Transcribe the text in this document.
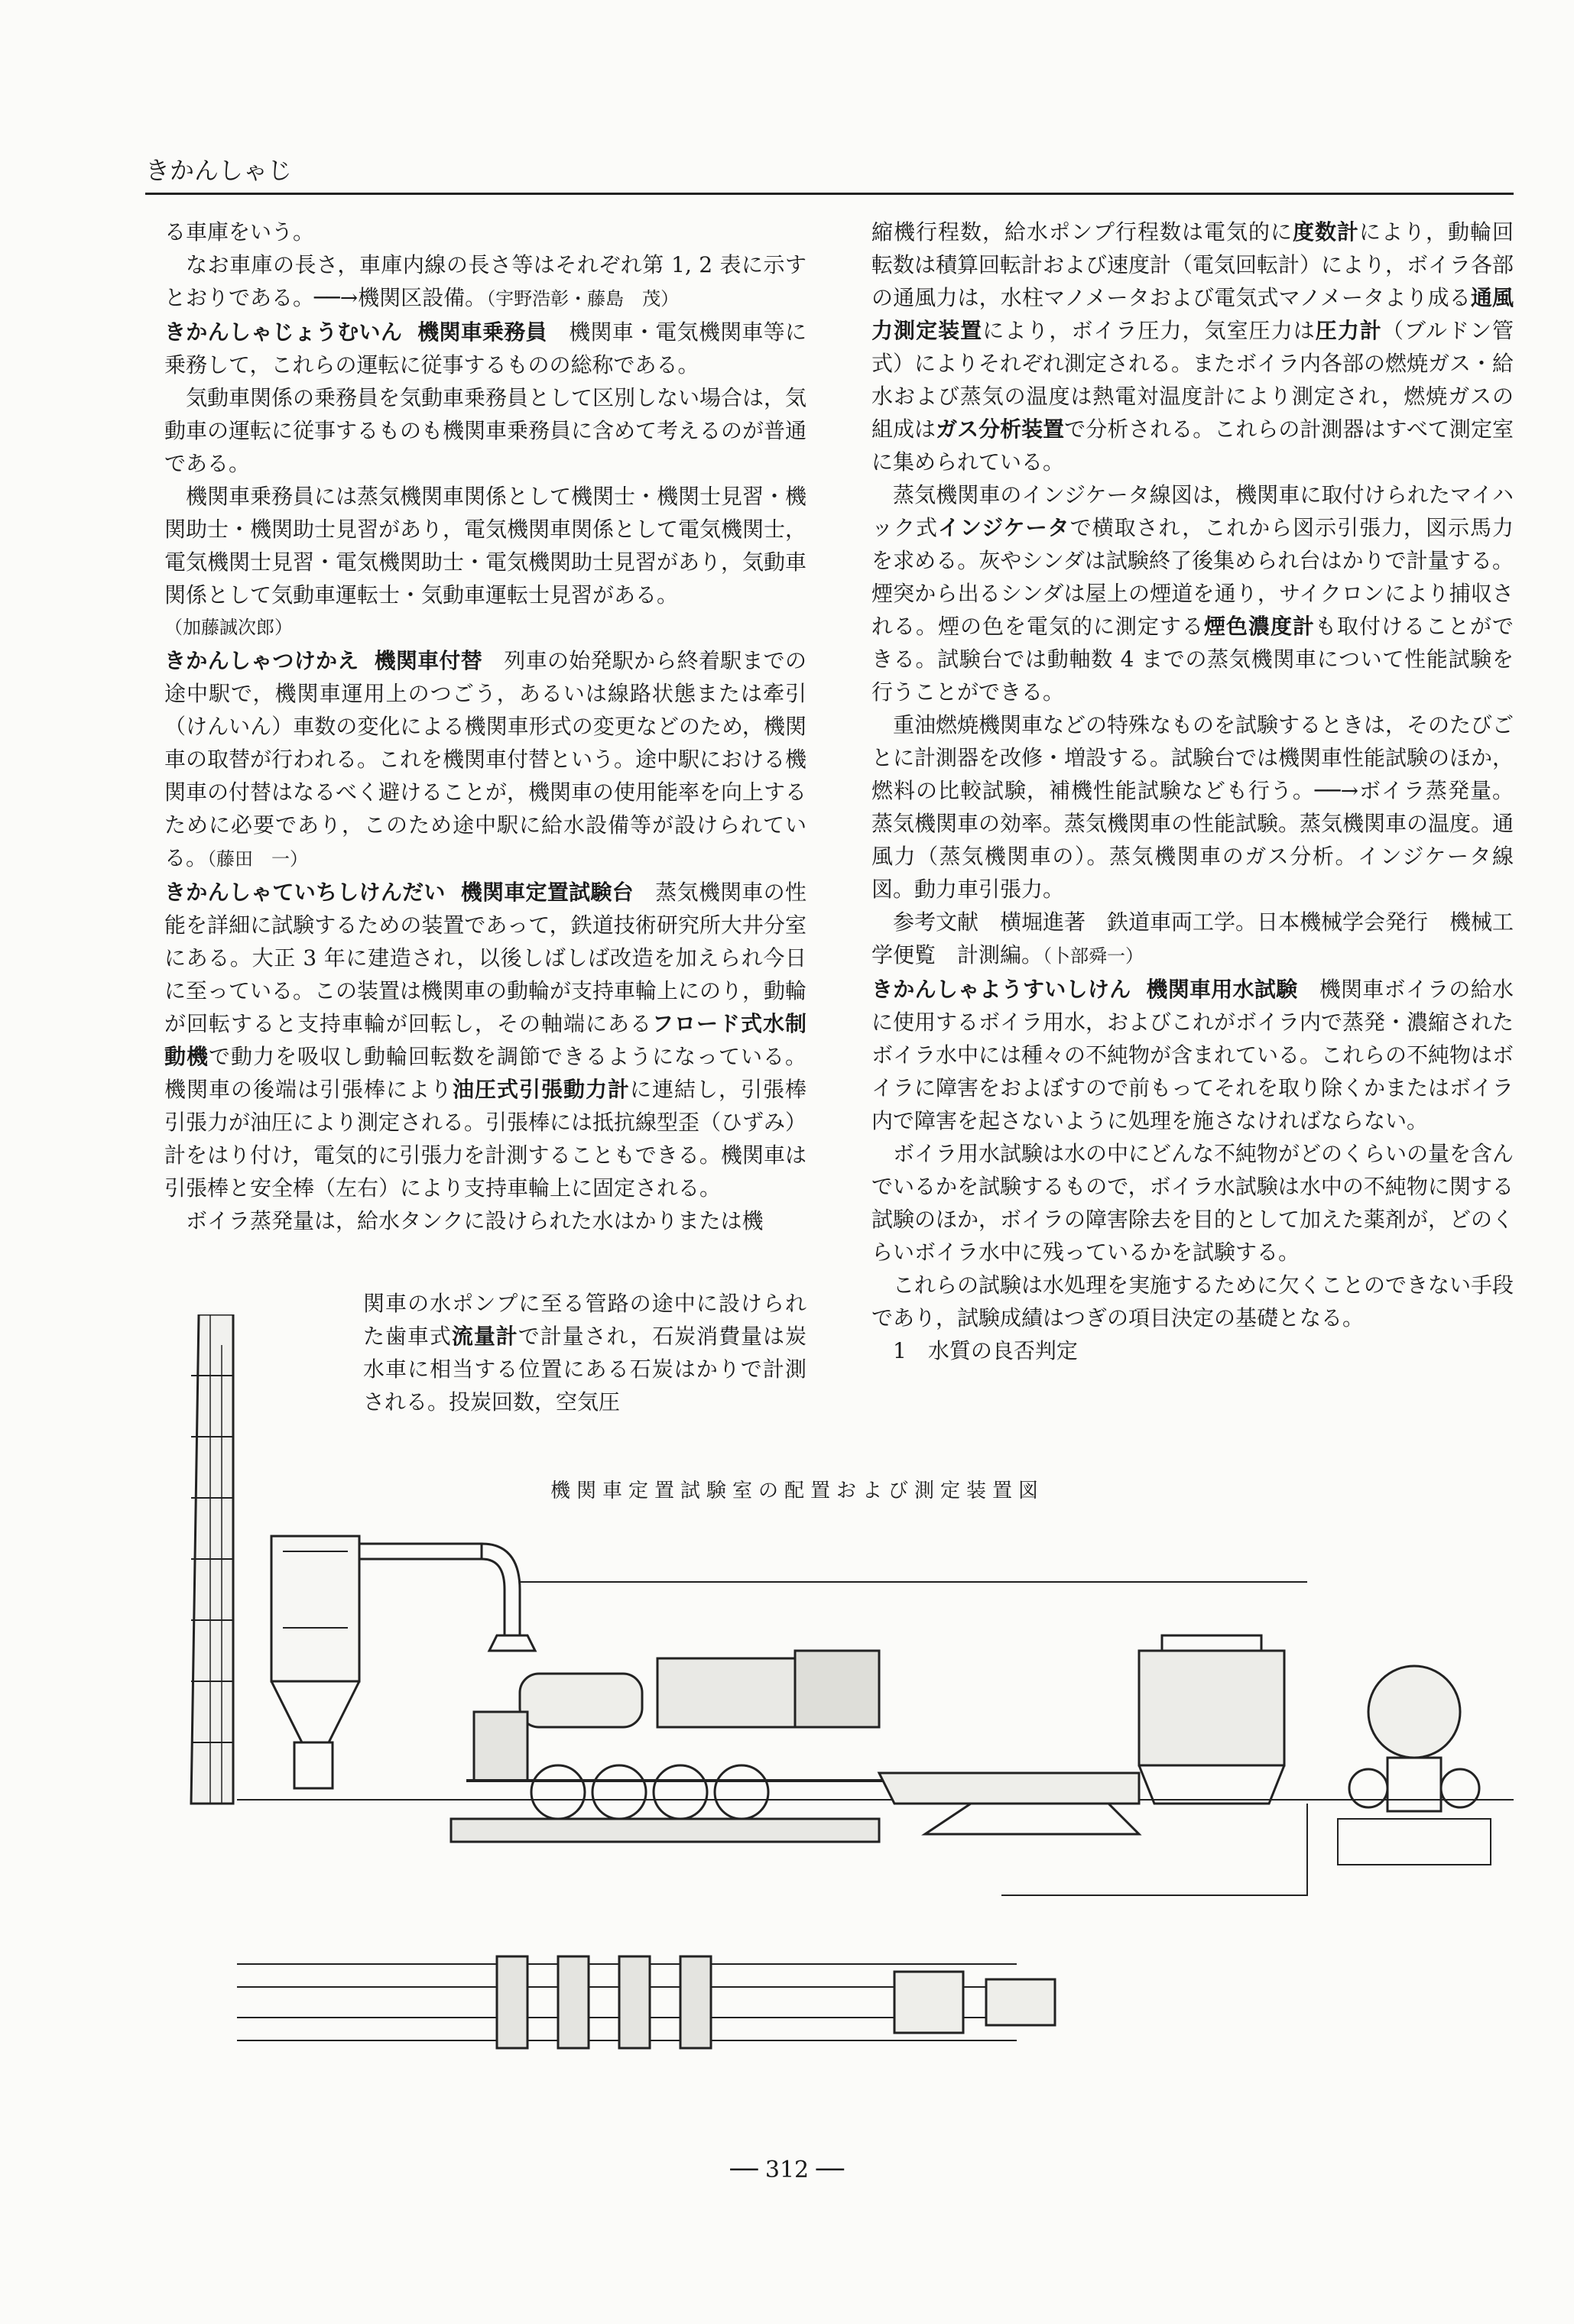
きかんしゃじ

る車庫をいう。

なお車庫の長さ，車庫内線の長さ等はそれぞれ第 1, 2 表に示すとおりである。──→機関区設備。（宇野浩彰・藤島　茂）

きかんしゃじょうむいん 機関車乗務員　 機関車・電気機関車等に乗務して，これらの運転に従事するものの総称である。

気動車関係の乗務員を気動車乗務員として区別しない場合は，気動車の運転に従事するものも機関車乗務員に含めて考えるのが普通である。

機関車乗務員には蒸気機関車関係として機関士・機関士見習・機関助士・機関助士見習があり，電気機関車関係として電気機関士，電気機関士見習・電気機関助士・電気機関助士見習があり，気動車関係として気動車運転士・気動車運転士見習がある。

（加藤誠次郎）

きかんしゃつけかえ 機関車付替　 列車の始発駅から終着駅までの途中駅で，機関車運用上のつごう，あるいは線路状態または牽引（けんいん）車数の変化による機関車形式の変更などのため，機関車の取替が行われる。これを機関車付替という。途中駅における機関車の付替はなるべく避けることが，機関車の使用能率を向上するために必要であり，このため途中駅に給水設備等が設けられている。（藤田　一）

きかんしゃていちしけんだい 機関車定置試験台　 蒸気機関車の性能を詳細に試験するための装置であって，鉄道技術研究所大井分室にある。大正 3 年に建造され，以後しばしば改造を加えられ今日に至っている。この装置は機関車の動輪が支持車輪上にのり，動輪が回転すると支持車輪が回転し，その軸端にあるフロード式水制動機で動力を吸収し動輪回転数を調節できるようになっている。機関車の後端は引張棒により油圧式引張動力計に連結し，引張棒引張力が油圧により測定される。引張棒には抵抗線型歪（ひずみ）計をはり付け，電気的に引張力を計測することもできる。機関車は引張棒と安全棒（左右）により支持車輪上に固定される。

ボイラ蒸発量は，給水タンクに設けられた水はかりまたは機

関車の水ポンプに至る管路の途中に設けられた歯車式流量計で計量され，石炭消費量は炭水車に相当する位置にある石炭はかりで計測される。投炭回数，空気圧

縮機行程数，給水ポンプ行程数は電気的に度数計により，動輪回転数は積算回転計および速度計（電気回転計）により，ボイラ各部の通風力は，水柱マノメータおよび電気式マノメータより成る通風力測定装置により，ボイラ圧力，気室圧力は圧力計（ブルドン管式）によりそれぞれ測定される。またボイラ内各部の燃焼ガス・給水および蒸気の温度は熱電対温度計により測定され，燃焼ガスの組成はガス分析装置で分析される。これらの計測器はすべて測定室に集められている。

蒸気機関車のインジケータ線図は，機関車に取付けられたマイハック式インジケータで横取され，これから図示引張力，図示馬力を求める。灰やシンダは試験終了後集められ台はかりで計量する。煙突から出るシンダは屋上の煙道を通り，サイクロンにより捕収される。煙の色を電気的に測定する煙色濃度計も取付けることができる。試験台では動軸数 4 までの蒸気機関車について性能試験を行うことができる。

重油燃焼機関車などの特殊なものを試験するときは，そのたびごとに計測器を改修・増設する。試験台では機関車性能試験のほか，燃料の比較試験，補機性能試験なども行う。──→ボイラ蒸発量。蒸気機関車の効率。蒸気機関車の性能試験。蒸気機関車の温度。通風力（蒸気機関車の）。蒸気機関車のガス分析。インジケータ線図。動力車引張力。

参考文献　横堀進著　鉄道車両工学。日本機械学会発行　機械工学便覧　計測編。（卜部舜一）

きかんしゃようすいしけん 機関車用水試験　 機関車ボイラの給水に使用するボイラ用水，およびこれがボイラ内で蒸発・濃縮されたボイラ水中には種々の不純物が含まれている。これらの不純物はボイラに障害をおよぼすので前もってそれを取り除くかまたはボイラ内で障害を起さないように処理を施さなければならない。

ボイラ用水試験は水の中にどんな不純物がどのくらいの量を含んでいるかを試験するもので，ボイラ水試験は水中の不純物に関する試験のほか，ボイラの障害除去を目的として加えた薬剤が，どのくらいボイラ水中に残っているかを試験する。

これらの試験は水処理を実施するために欠くことのできない手段であり，試験成績はつぎの項目決定の基礎となる。

1　水質の良否判定

機関車定置試験室の配置および測定装置図
── 312 ──
